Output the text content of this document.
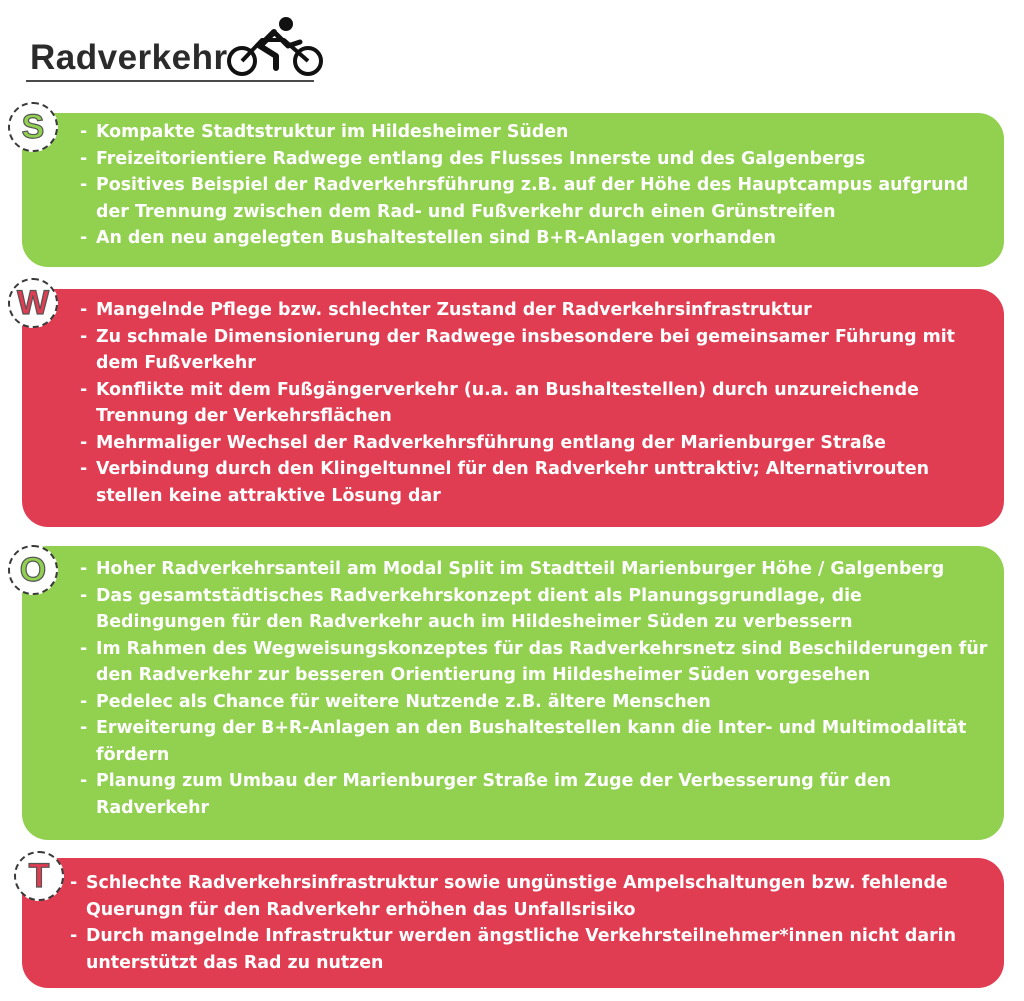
Radverkehr
- Kompakte Stadtstruktur im Hildesheimer Süden
- Freizeitorientiere Radwege entlang des Flusses Innerste und des Galgenbergs
- Positives Beispiel der Radverkehrsführung z.B. auf der Höhe des Hauptcampus aufgrund der Trennung zwischen dem Rad- und Fußverkehr durch einen Grünstreifen
- An den neu angelegten Bushaltestellen sind B+R-Anlagen vorhanden
S
- Mangelnde Pflege bzw. schlechter Zustand der Radverkehrsinfrastruktur
- Zu schmale Dimensionierung der Radwege insbesondere bei gemeinsamer Führung mit dem Fußverkehr
- Konflikte mit dem Fußgängerverkehr (u.a. an Bushaltestellen) durch unzureichende Trennung der Verkehrsflächen
- Mehrmaliger Wechsel der Radverkehrsführung entlang der Marienburger Straße
- Verbindung durch den Klingeltunnel für den Radverkehr unttraktiv; Alternativrouten stellen keine attraktive Lösung dar
W
- Hoher Radverkehrsanteil am Modal Split im Stadtteil Marienburger Höhe / Galgenberg
- Das gesamtstädtisches Radverkehrskonzept dient als Planungsgrundlage, die Bedingungen für den Radverkehr auch im Hildesheimer Süden zu verbessern
- Im Rahmen des Wegweisungskonzeptes für das Radverkehrsnetz sind Beschilderungen für den Radverkehr zur besseren Orientierung im Hildesheimer Süden vorgesehen
- Pedelec als Chance für weitere Nutzende z.B. ältere Menschen
- Erweiterung der B+R-Anlagen an den Bushaltestellen kann die Inter- und Multimodalität fördern
- Planung zum Umbau der Marienburger Straße im Zuge der Verbesserung für den Radverkehr
O
- Schlechte Radverkehrsinfrastruktur sowie ungünstige Ampelschaltungen bzw. fehlende Querungn für den Radverkehr erhöhen das Unfallsrisiko
- Durch mangelnde Infrastruktur werden ängstliche Verkehrsteilnehmer*innen nicht darin unterstützt das Rad zu nutzen
T
